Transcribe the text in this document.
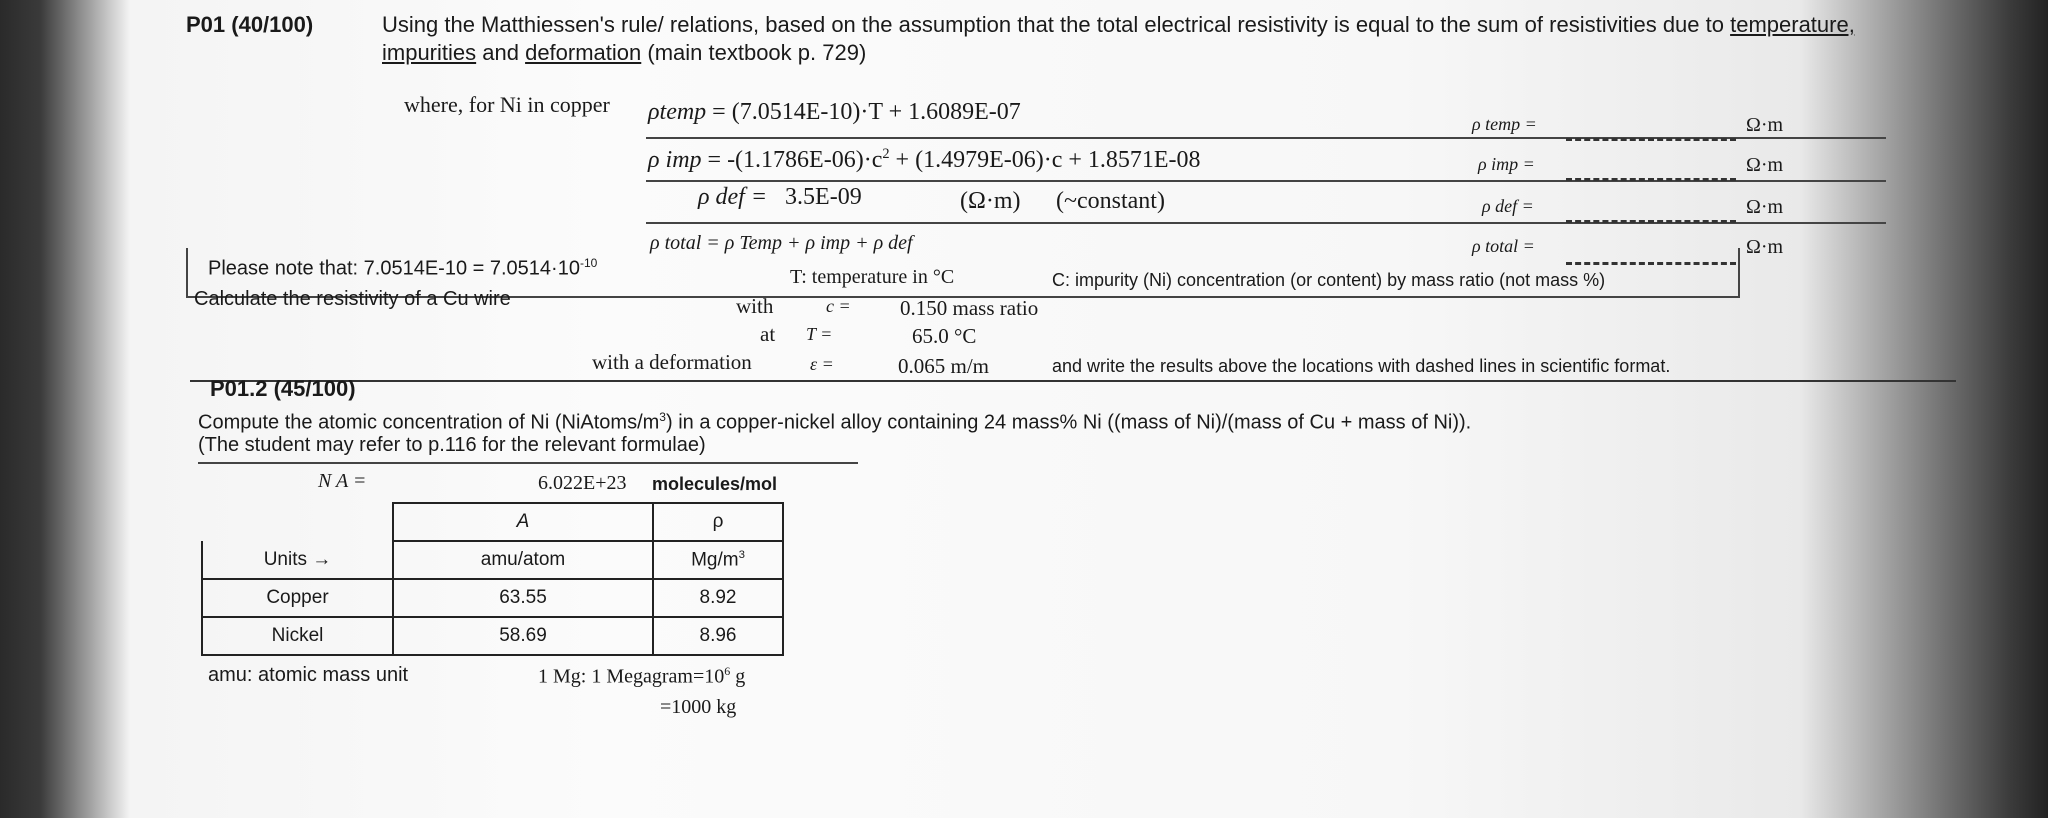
P01 (40/100)	Using the Matthiessen's rule/ relations, based on the assumption that the total electrical resistivity is equal to the sum of resistivities due to temperature,
impurities and deformation (main textbook p. 729)
where, for Ni in copper ρtemp = (7.0514E-10)·T + 1.6089E-07
ρ imp = $-(1.1786E-06)\cdot c^2 + (1.4979E-06)\cdot c + 1.8571E-08$
ρ def = 3.5E-09	(Ω·m) (~constant)
ρ total = ρ Temp + ρ imp + ρ def
ρ temp =	Ω·m
ρ imp =	Ω·m
ρ def =	Ω·m
ρ total =	Ω·m
Please note that: $7.0514E-10 = 7.0514\cdot 10^{-10}$
T: temperature in °C	C: impurity (Ni) concentration (or content) by mass ratio (not mass %)
Calculate the resistivity of a Cu wire	with	c = 0.150 mass ratio
at T =	65.0 °C
with a deformation	ε =	0.065 m/m	and write the results above the locations with dashed lines in scientific format.
P01.2 (45/100)
Compute the atomic concentration of Ni $(NiAtoms/m^3)$ in a copper-nickel alloy containing 24 mass% Ni ((mass of Ni)/(mass of Cu + mass of Ni)).
(The student may refer to p.116 for the relevant formulae)
N A =	6.022E+23 molecules/mol
	A	ρ
Units →	amu/atom	$Mg/m^3$
Copper	63.55	8.92
Nickel	58.69	8.96
amu: atomic mass unit	1 Mg: 1 $Megagram=10^6$ g
=1000 kg
